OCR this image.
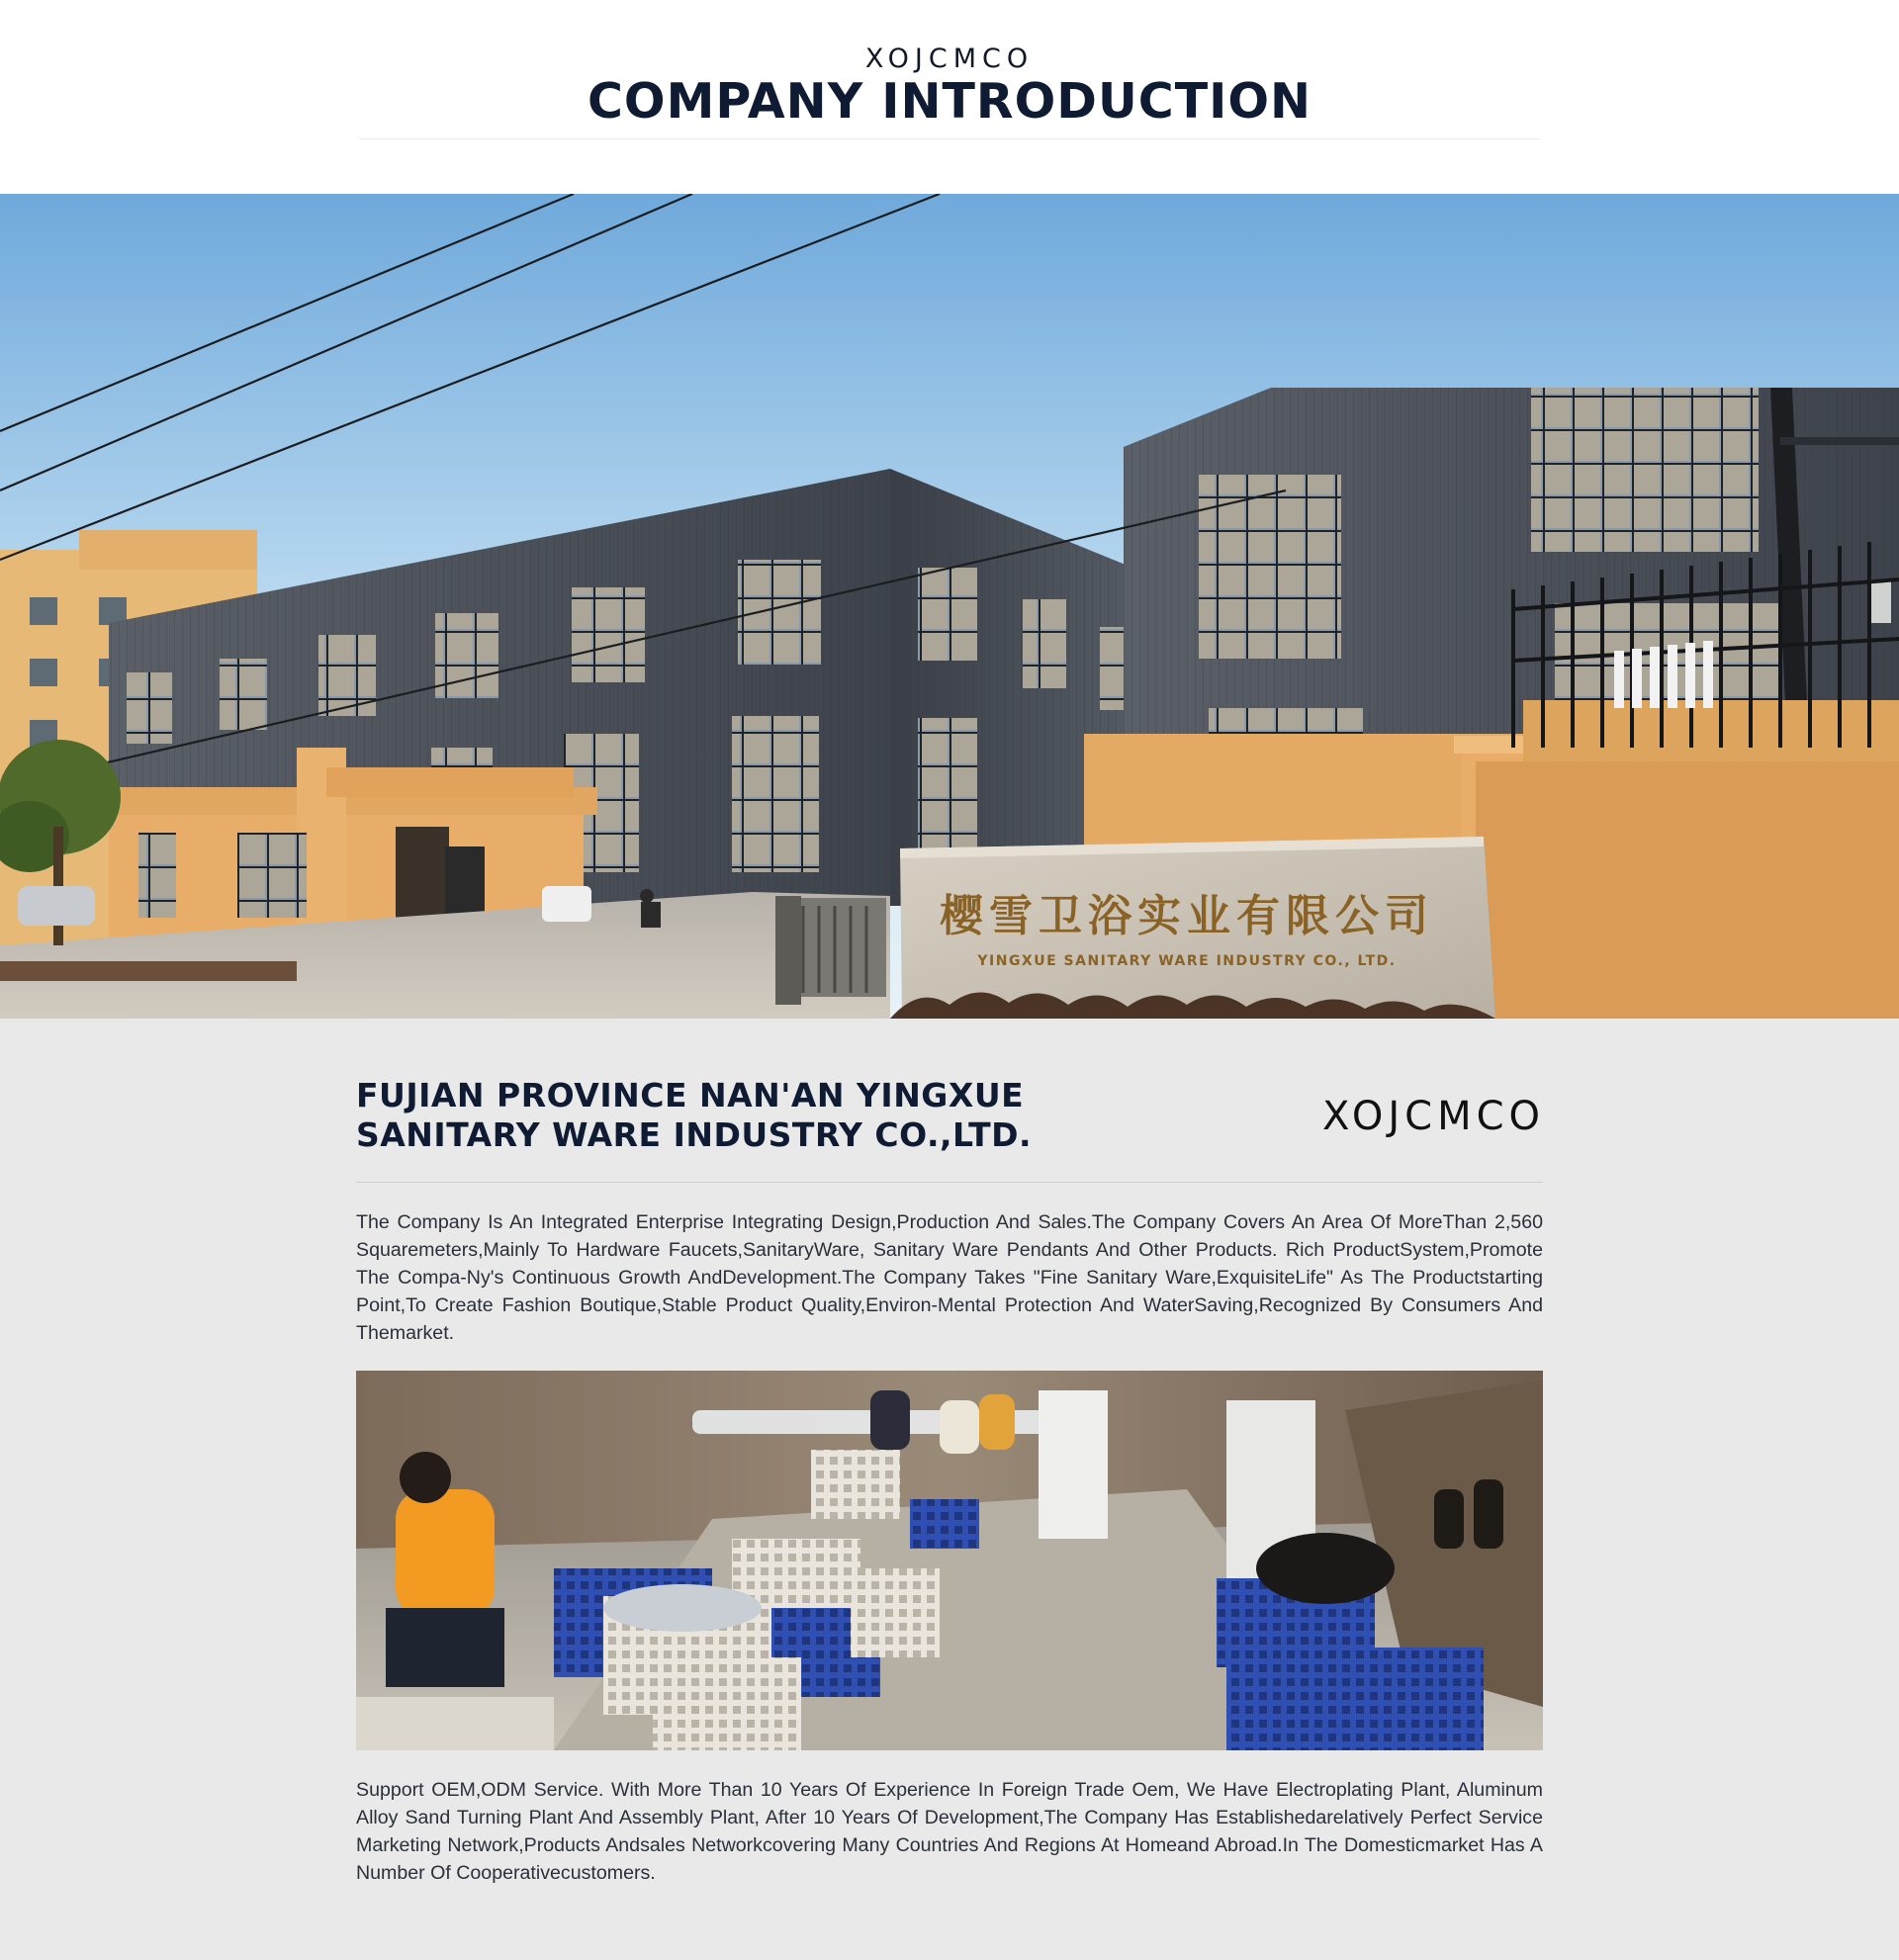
XOJCMCO
COMPANY INTRODUCTION
樱雪卫浴实业有限公司
YINGXUE SANITARY WARE INDUSTRY CO., LTD.
FUJIAN PROVINCE NAN'AN YINGXUE
SANITARY WARE INDUSTRY CO.,LTD.	XOJCMCO

The Company Is An Integrated Enterprise Integrating Design,Production And Sales.The Company Covers An Area Of MoreThan 2,560 Squaremeters,Mainly To Hardware Faucets,SanitaryWare, Sanitary Ware Pendants And Other Products. Rich ProductSystem,Promote The Compa-Ny's Continuous Growth AndDevelopment.The Company Takes "Fine Sanitary Ware,ExquisiteLife" As The Productstarting Point,To Create Fashion Boutique,Stable Product Quality,Environ-Mental Protection And WaterSaving,Recognized By Consumers And Themarket.

Support OEM,ODM Service. With More Than 10 Years Of Experience In Foreign Trade Oem, We Have Electroplating Plant, Aluminum Alloy Sand Turning Plant And Assembly Plant, After 10 Years Of Development,The Company Has Establishedarelatively Perfect Service Marketing Network,Products Andsales Networkcovering Many Countries And Regions At Homeand Abroad.In The Domesticmarket Has A Number Of Cooperativecustomers.
